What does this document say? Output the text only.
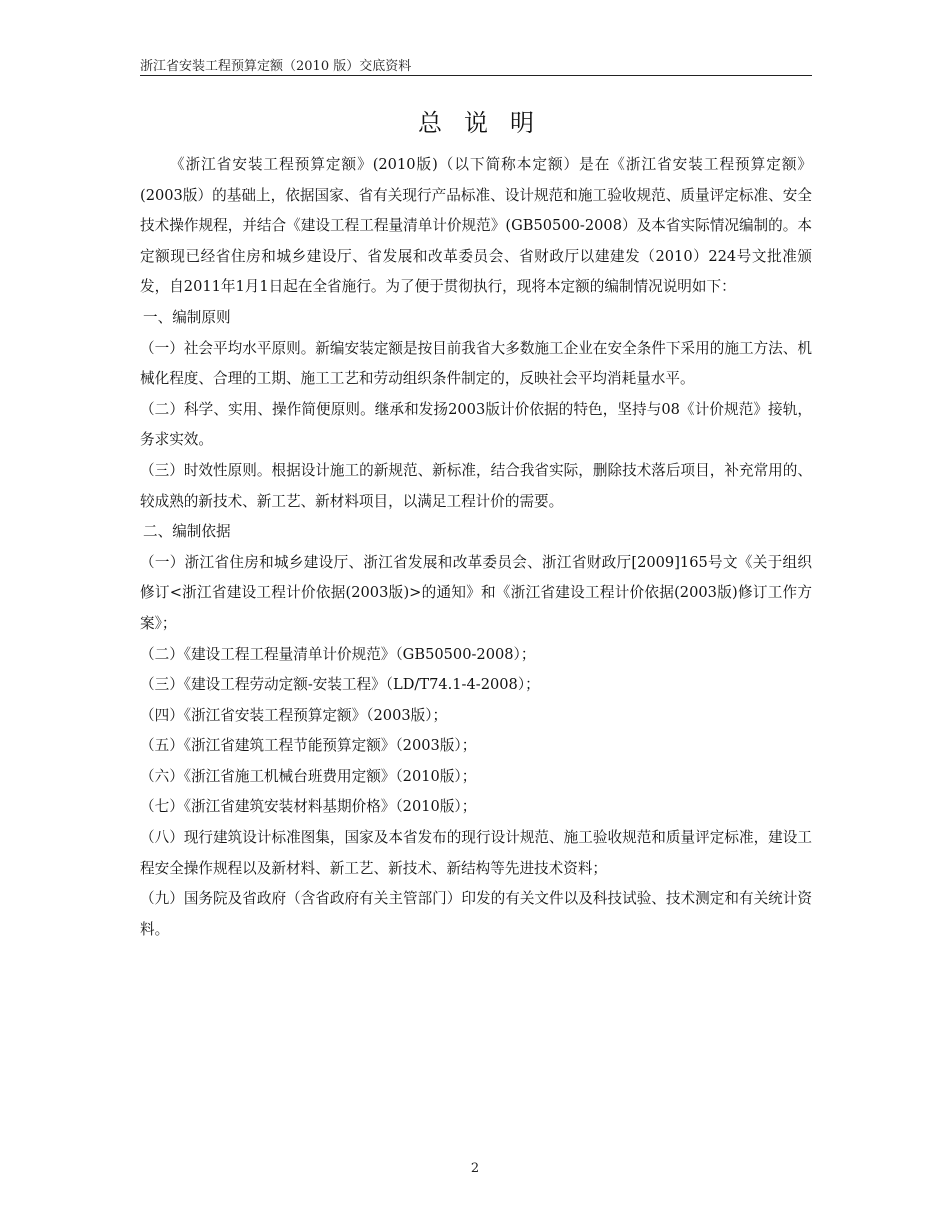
浙江省安装工程预算定额（2010 版）交底资料
总说明

《浙江省安装工程预算定额》(2010版)（以下简称本定额）是在《浙江省安装工程预算定额》(2003版）的基础上，依据国家、省有关现行产品标准、设计规范和施工验收规范、质量评定标准、安全技术操作规程，并结合《建设工程工程量清单计价规范》(GB50500-2008）及本省实际情况编制的。本定额现已经省住房和城乡建设厅、省发展和改革委员会、省财政厅以建建发（2010）224号文批准颁发，自2011年1月1日起在全省施行。为了便于贯彻执行，现将本定额的编制情况说明如下：

一、编制原则

（一）社会平均水平原则。新编安装定额是按目前我省大多数施工企业在安全条件下采用的施工方法、机械化程度、合理的工期、施工工艺和劳动组织条件制定的，反映社会平均消耗量水平。

（二）科学、实用、操作简便原则。继承和发扬2003版计价依据的特色，坚持与08《计价规范》接轨，务求实效。

（三）时效性原则。根据设计施工的新规范、新标准，结合我省实际，删除技术落后项目，补充常用的、较成熟的新技术、新工艺、新材料项目，以满足工程计价的需要。

二、编制依据

（一）浙江省住房和城乡建设厅、浙江省发展和改革委员会、浙江省财政厅[2009]165号文《关于组织修订<浙江省建设工程计价依据(2003版)>的通知》和《浙江省建设工程计价依据(2003版)修订工作方案》；

（二）《建设工程工程量清单计价规范》（GB50500-2008）；

（三）《建设工程劳动定额-安装工程》（LD/T74.1-4-2008）；

（四）《浙江省安装工程预算定额》（2003版）；

（五）《浙江省建筑工程节能预算定额》（2003版）；

（六）《浙江省施工机械台班费用定额》（2010版）；

（七）《浙江省建筑安装材料基期价格》（2010版）；

（八）现行建筑设计标准图集，国家及本省发布的现行设计规范、施工验收规范和质量评定标准，建设工程安全操作规程以及新材料、新工艺、新技术、新结构等先进技术资料；

（九）国务院及省政府（含省政府有关主管部门）印发的有关文件以及科技试验、技术测定和有关统计资料。

2
